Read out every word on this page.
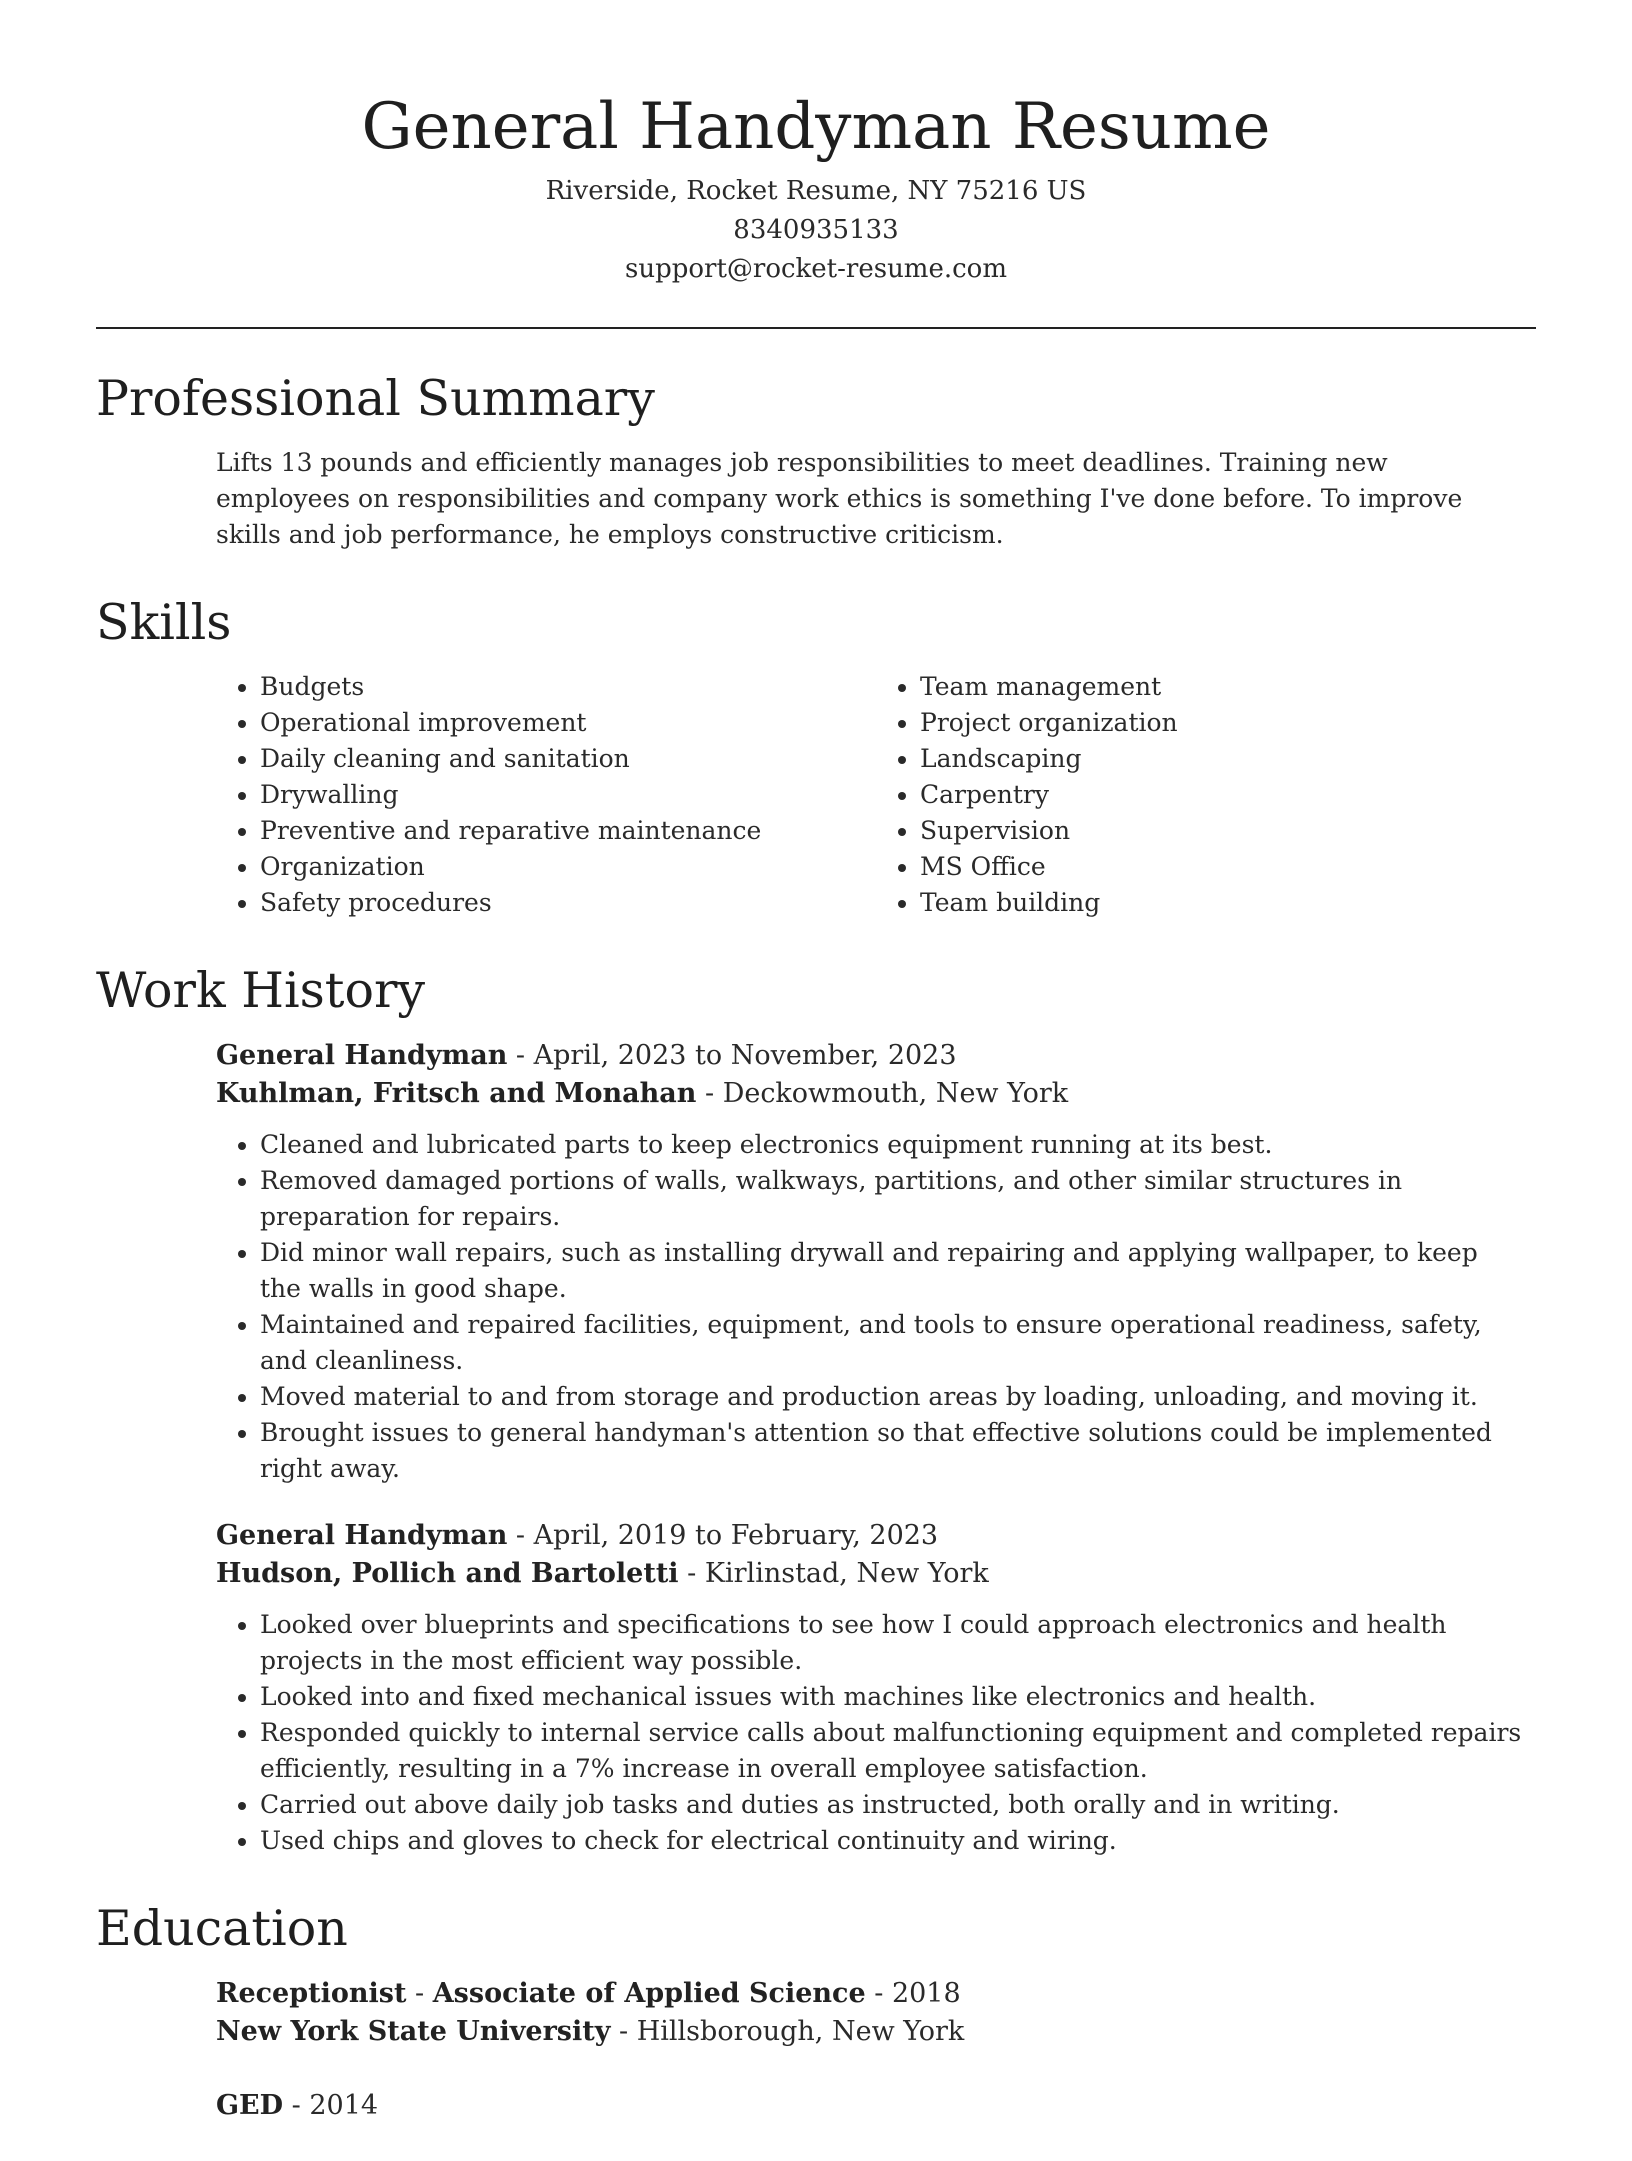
General Handyman Resume
Riverside, Rocket Resume, NY 75216 US
8340935133
support@rocket-resume.com
Professional Summary

Lifts 13 pounds and efficiently manages job responsibilities to meet deadlines. Training new employees on responsibilities and company work ethics is something I've done before. To improve skills and job performance, he employs constructive criticism.

Skills
• Budgets
• Operational improvement
• Daily cleaning and sanitation
• Drywalling
• Preventive and reparative maintenance
• Organization
• Safety procedures
• Team management
• Project organization
• Landscaping
• Carpentry
• Supervision
• MS Office
• Team building
Work History
General Handyman - April, 2023 to November, 2023
Kuhlman, Fritsch and Monahan - Deckowmouth, New York
• Cleaned and lubricated parts to keep electronics equipment running at its best.
• Removed damaged portions of walls, walkways, partitions, and other similar structures in preparation for repairs.
• Did minor wall repairs, such as installing drywall and repairing and applying wallpaper, to keep the walls in good shape.
• Maintained and repaired facilities, equipment, and tools to ensure operational readiness, safety, and cleanliness.
• Moved material to and from storage and production areas by loading, unloading, and moving it.
• Brought issues to general handyman's attention so that effective solutions could be implemented right away.
General Handyman - April, 2019 to February, 2023
Hudson, Pollich and Bartoletti - Kirlinstad, New York
• Looked over blueprints and specifications to see how I could approach electronics and health projects in the most efficient way possible.
• Looked into and fixed mechanical issues with machines like electronics and health.
• Responded quickly to internal service calls about malfunctioning equipment and completed repairs efficiently, resulting in a 7% increase in overall employee satisfaction.
• Carried out above daily job tasks and duties as instructed, both orally and in writing.
• Used chips and gloves to check for electrical continuity and wiring.
Education
Receptionist - Associate of Applied Science - 2018
New York State University - Hillsborough, New York
GED - 2014
